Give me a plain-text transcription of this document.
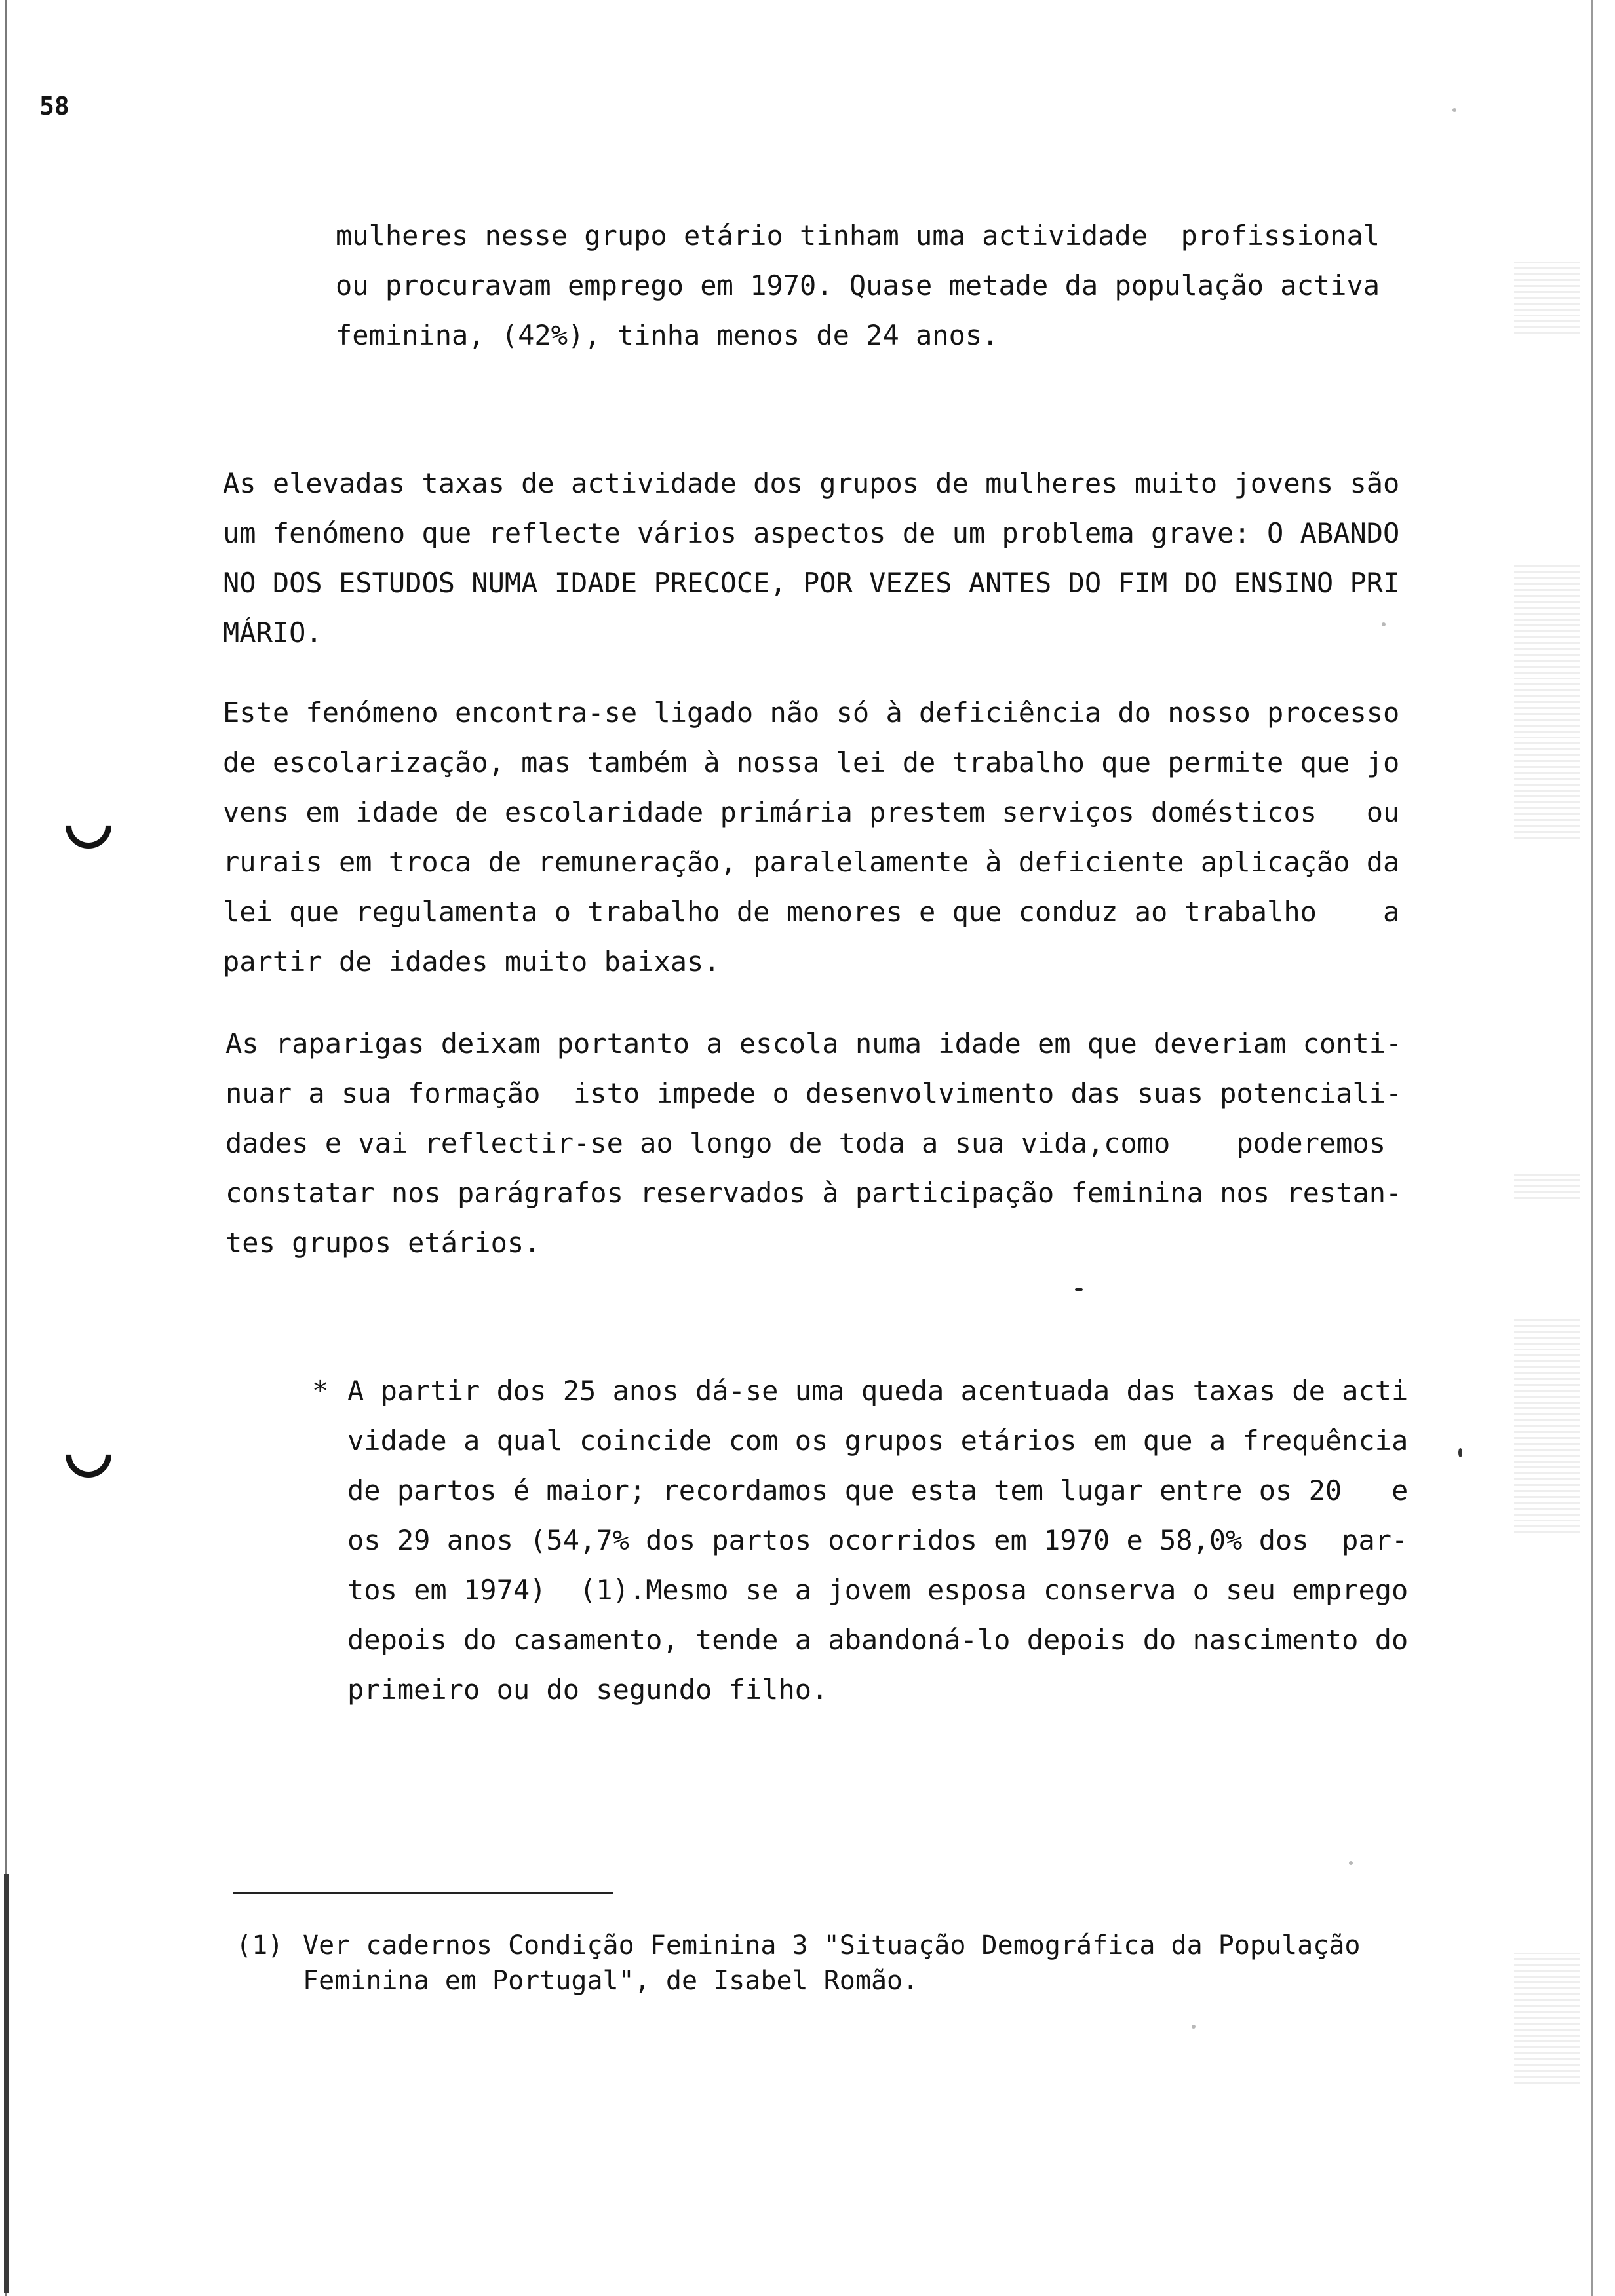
58

mulheres nesse grupo etário tinham uma actividade  profissional
ou procuravam emprego em 1970. Quase metade da população activa
feminina, (42%), tinha menos de 24 anos.

As elevadas taxas de actividade dos grupos de mulheres muito jovens são
um fenómeno que reflecte vários aspectos de um problema grave: O ABANDO
NO DOS ESTUDOS NUMA IDADE PRECOCE, POR VEZES ANTES DO FIM DO ENSINO PRI
MÁRIO.

Este fenómeno encontra-se ligado não só à deficiência do nosso processo
de escolarização, mas também à nossa lei de trabalho que permite que jo
vens em idade de escolaridade primária prestem serviços domésticos   ou
rurais em troca de remuneração, paralelamente à deficiente aplicação da
lei que regulamenta o trabalho de menores e que conduz ao trabalho    a
partir de idades muito baixas.

As raparigas deixam portanto a escola numa idade em que deveriam conti-
nuar a sua formação  isto impede o desenvolvimento das suas potenciali-
dades e vai reflectir-se ao longo de toda a sua vida,como    poderemos
constatar nos parágrafos reservados à participação feminina nos restan-
tes grupos etários.

* A partir dos 25 anos dá-se uma queda acentuada das taxas de acti
vidade a qual coincide com os grupos etários em que a frequência
de partos é maior; recordamos que esta tem lugar entre os 20   e
os 29 anos (54,7% dos partos ocorridos em 1970 e 58,0% dos  par-
tos em 1974)  (1).Mesmo se a jovem esposa conserva o seu emprego
depois do casamento, tende a abandoná-lo depois do nascimento do
primeiro ou do segundo filho.

(1) Ver cadernos Condição Feminina 3 "Situação Demográfica da População
Feminina em Portugal", de Isabel Romão.
